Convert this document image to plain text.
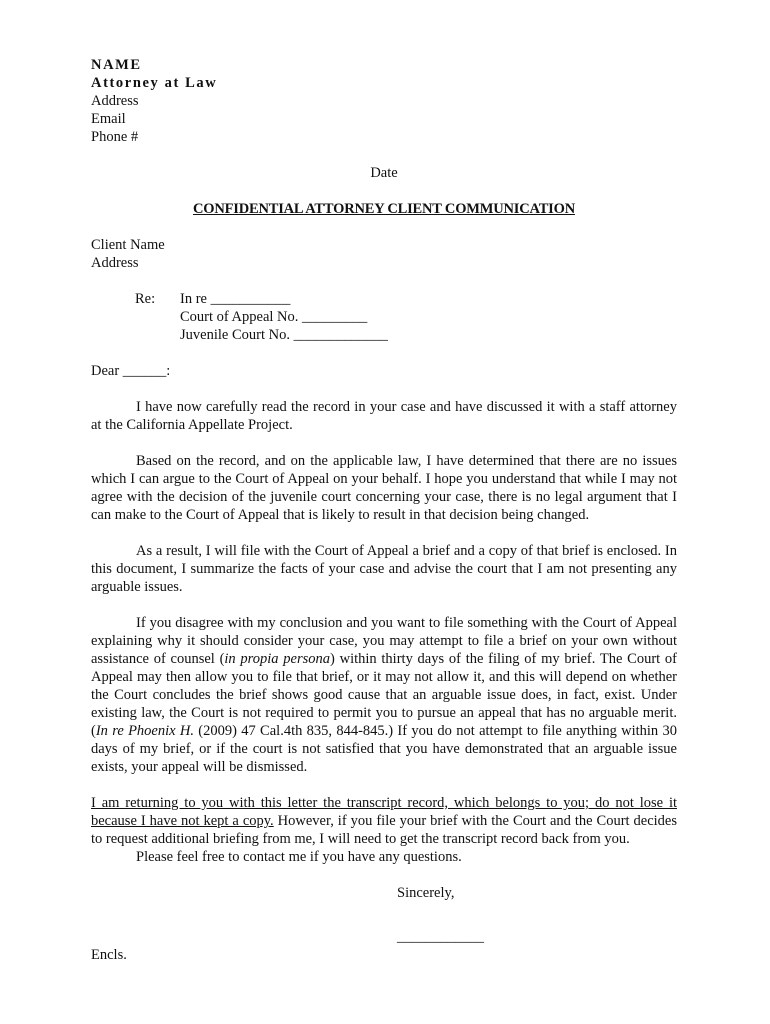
NAME
Attorney at Law
Address
Email
Phone #
Date
CONFIDENTIAL ATTORNEY CLIENT COMMUNICATION
Client Name
Address
Re:	In re ___________
Court of Appeal No. _________
Juvenile Court No. _____________
Dear ______:

I have now carefully read the record in your case and have discussed it with a staff attorney at the California Appellate Project.

Based on the record, and on the applicable law, I have determined that there are no issues which I can argue to the Court of Appeal on your behalf. I hope you understand that while I may not agree with the decision of the juvenile court concerning your case, there is no legal argument that I can make to the Court of Appeal that is likely to result in that decision being changed.

As a result, I will file with the Court of Appeal a brief and a copy of that brief is enclosed. In this document, I summarize the facts of your case and advise the court that I am not presenting any arguable issues.

If you disagree with my conclusion and you want to file something with the Court of Appeal explaining why it should consider your case, you may attempt to file a brief on your own without assistance of counsel (in propia persona) within thirty days of the filing of my brief. The Court of Appeal may then allow you to file that brief, or it may not allow it, and this will depend on whether the Court concludes the brief shows good cause that an arguable issue does, in fact, exist. Under existing law, the Court is not required to permit you to pursue an appeal that has no arguable merit. (In re Phoenix H. (2009) 47 Cal.4th 835, 844-845.) If you do not attempt to file anything within 30 days of my brief, or if the court is not satisfied that you have demonstrated that an arguable issue exists, your appeal will be dismissed.

I am returning to you with this letter the transcript record, which belongs to you; do not lose it because I have not kept a copy. However, if you file your brief with the Court and the Court decides to request additional briefing from me, I will need to get the transcript record back from you.

Please feel free to contact me if you have any questions.

Sincerely,
____________
Encls.
